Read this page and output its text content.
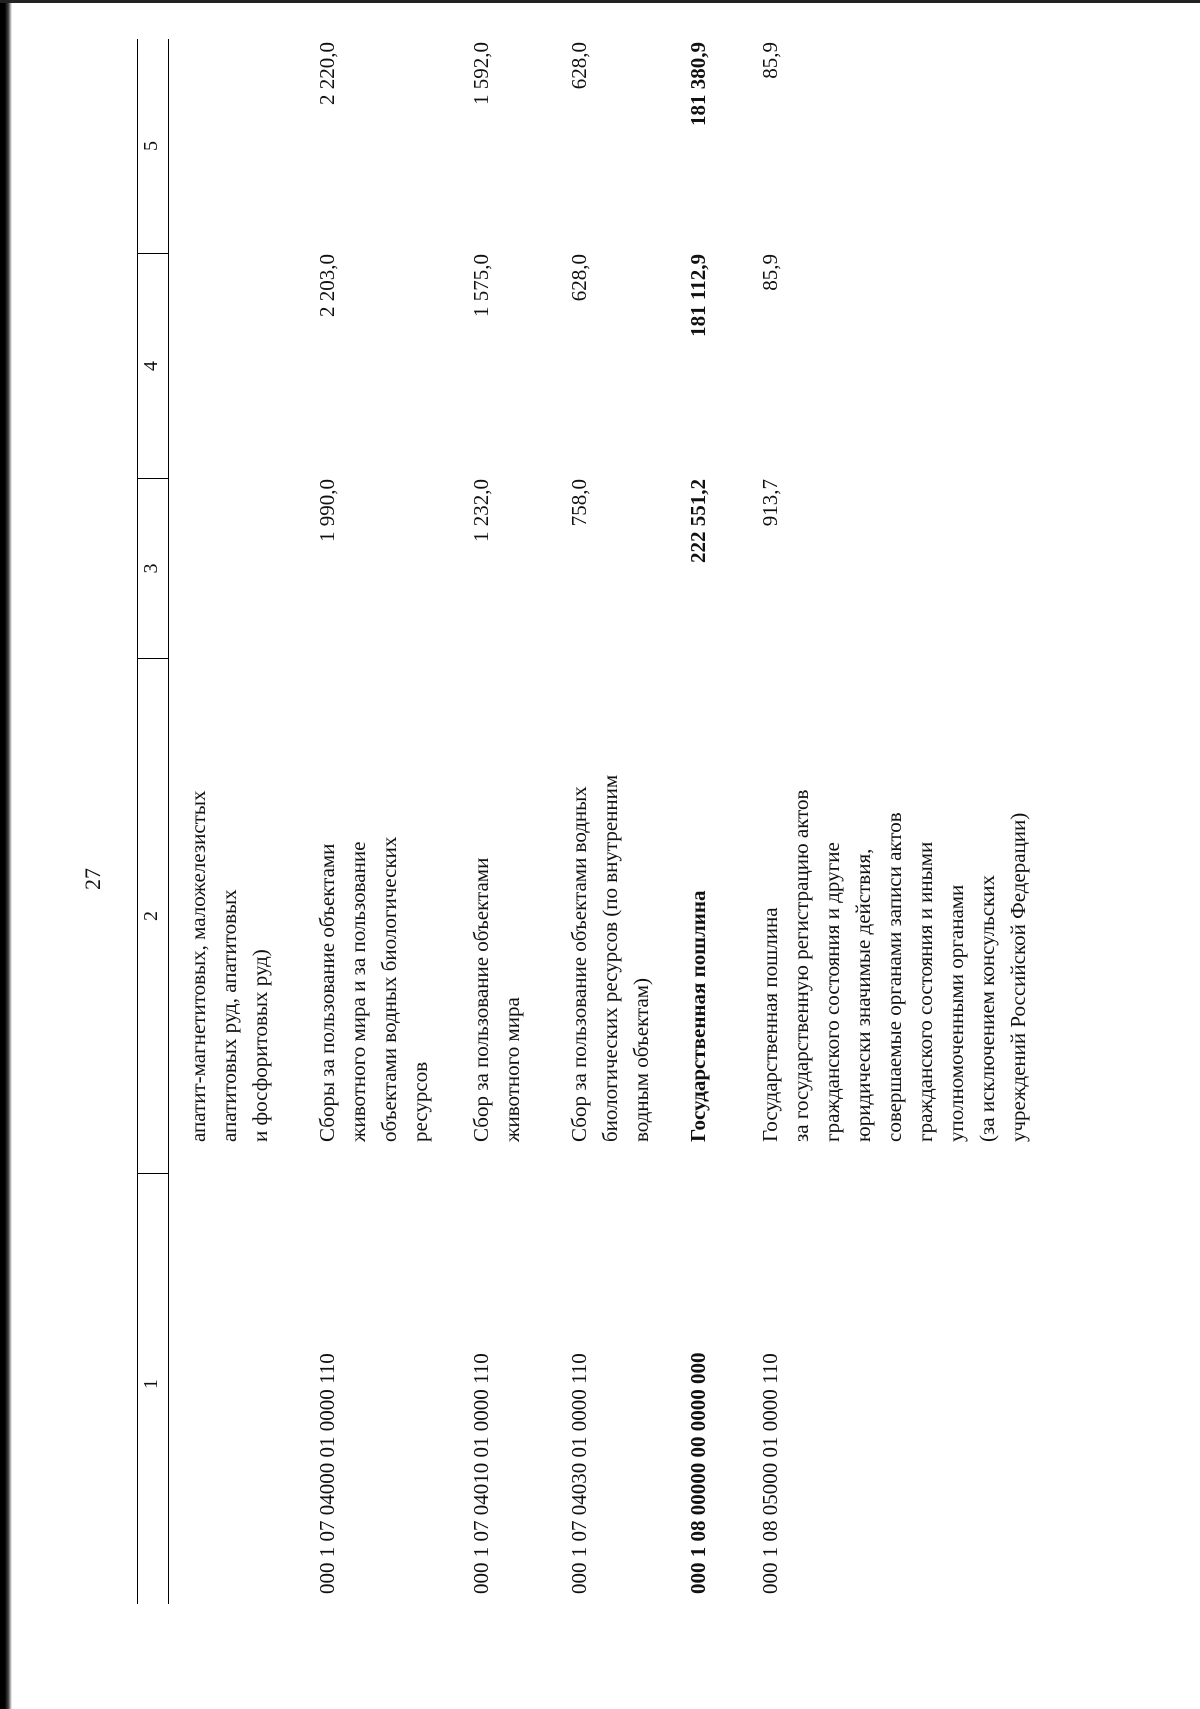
27
1
2
3
4
5
апатит-магнетитовых, маложелезистых апатитовых руд, апатитовых и фосфоритовых руд)
000 1 07 04000 01 0000 110
Сборы за пользование объектами животного мира и за пользование объектами водных биологических ресурсов
1 990,0
2 203,0
2 220,0
000 1 07 04010 01 0000 110
Сбор за пользование объектами животного мира
1 232,0
1 575,0
1 592,0
000 1 07 04030 01 0000 110
Сбор за пользование объектами водных биологических ресурсов (по внутренним водным объектам)
758,0
628,0
628,0
000 1 08 00000 00 0000 000
Государственная пошлина
222 551,2
181 112,9
181 380,9
000 1 08 05000 01 0000 110
Государственная пошлина за государственную регистрацию актов гражданского состояния и другие юридически значимые действия, совершаемые органами записи актов гражданского состояния и иными уполномоченными органами (за исключением консульских учреждений Российской Федерации)
913,7
85,9
85,9
